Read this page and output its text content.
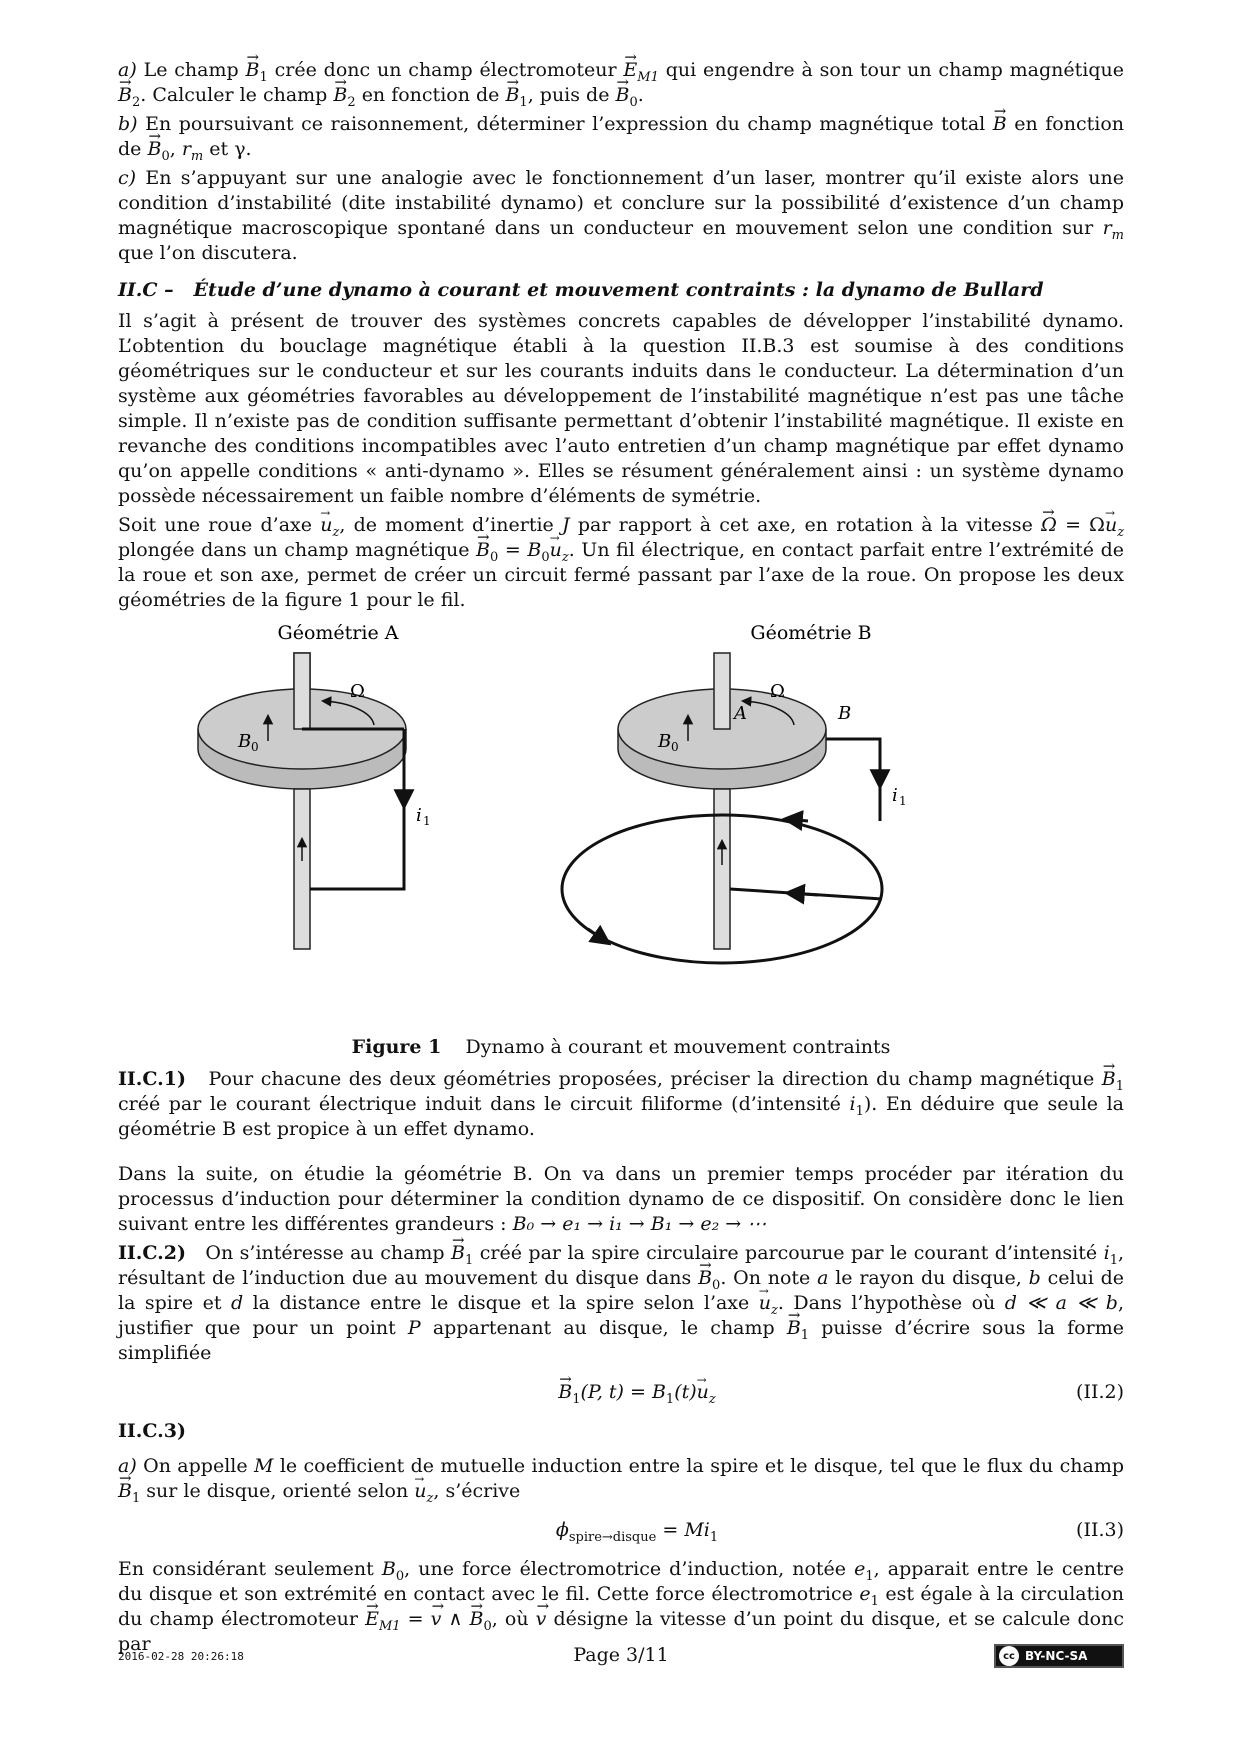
a) Le champ → $B_1$ crée donc un champ électromoteur → $E_{M1}$ qui engendre à son tour un champ magnétique → $B_2$. Calculer le champ → $B_2$ en fonction de → $B_1$, puis de → $B_0$.

b) En poursuivant ce raisonnement, déterminer l’expression du champ magnétique total → B en fonction de → $B_0$, $r_m$ et γ.

c) En s’appuyant sur une analogie avec le fonctionnement d’un laser, montrer qu’il existe alors une condition d’instabilité (dite instabilité dynamo) et conclure sur la possibilité d’existence d’un champ magnétique macroscopique spontané dans un conducteur en mouvement selon une condition sur $r_m$ que l’on discutera.

II.C – Étude d’une dynamo à courant et mouvement contraints : la dynamo de Bullard

Il s’agit à présent de trouver des systèmes concrets capables de développer l’instabilité dynamo. L’obtention du bouclage magnétique établi à la question II.B.3 est soumise à des conditions géométriques sur le conducteur et sur les courants induits dans le conducteur. La détermination d’un système aux géométries favorables au développement de l’instabilité magnétique n’est pas une tâche simple. Il n’existe pas de condition suffisante permettant d’obtenir l’instabilité magnétique. Il existe en revanche des conditions incompatibles avec l’auto entretien d’un champ magnétique par effet dynamo qu’on appelle conditions « anti-dynamo ». Elles se résument généralement ainsi : un système dynamo possède nécessairement un faible nombre d’éléments de symétrie.

Soit une roue d’axe → $u_z$, de moment d’inertie J par rapport à cet axe, en rotation à la vitesse → $\Omega = \Omega\to u_z$ plongée dans un champ magnétique → $B_0 = B_0\to u_z$. Un fil électrique, en contact parfait entre l’extrémité de la roue et son axe, permet de créer un circuit fermé passant par l’axe de la roue. On propose les deux géométries de la figure 1 pour le fil.

Géométrie A
Ω
B 0
i 1
Géométrie B
Ω
B 0
A	B
i 1
Figure 1 Dynamo à courant et mouvement contraints

II.C.1) Pour chacune des deux géométries proposées, préciser la direction du champ magnétique → $B_1$ créé par le courant électrique induit dans le circuit filiforme (d’intensité $i_1$). En déduire que seule la géométrie B est propice à un effet dynamo.

Dans la suite, on étudie la géométrie B. On va dans un premier temps procéder par itération du processus d’induction pour déterminer la condition dynamo de ce dispositif. On considère donc le lien suivant entre les différentes grandeurs : B₀ → e₁ → i₁ → B₁ → e₂ → ⋯

II.C.2) On s’intéresse au champ → $B_1$ créé par la spire circulaire parcourue par le courant d’intensité $i_1$, résultant de l’induction due au mouvement du disque dans → $B_0$. On note a le rayon du disque, b celui de la spire et d la distance entre le disque et la spire selon l’axe → $u_z$. Dans l’hypothèse où d ≪ a ≪ b, justifier que pour un point P appartenant au disque, le champ → $B_1$ puisse d’écrire sous la forme simplifiée

→ $B_1(P$, $t) = B_1(t)\to u_z$	(II.2)

II.C.3)

a) On appelle M le coefficient de mutuelle induction entre la spire et le disque, tel que le flux du champ → $B_1$ sur le disque, orienté selon → $u_z$, s’écrive

$\phi_{spire\to disque} = Mi_1$	(II.3)

En considérant seulement $B_0$, une force électromotrice d’induction, notée $e_1$, apparait entre le centre du disque et son extrémité en contact avec le fil. Cette force électromotrice $e_1$ est égale à la circulation du champ électromoteur → $E_{M1}$ = → v ∧ → $B_0$, où → v désigne la vitesse d’un point du disque, et se calcule donc par

2016-02-28 20:26:18	Page 3/11	cc BY-NC-SA
